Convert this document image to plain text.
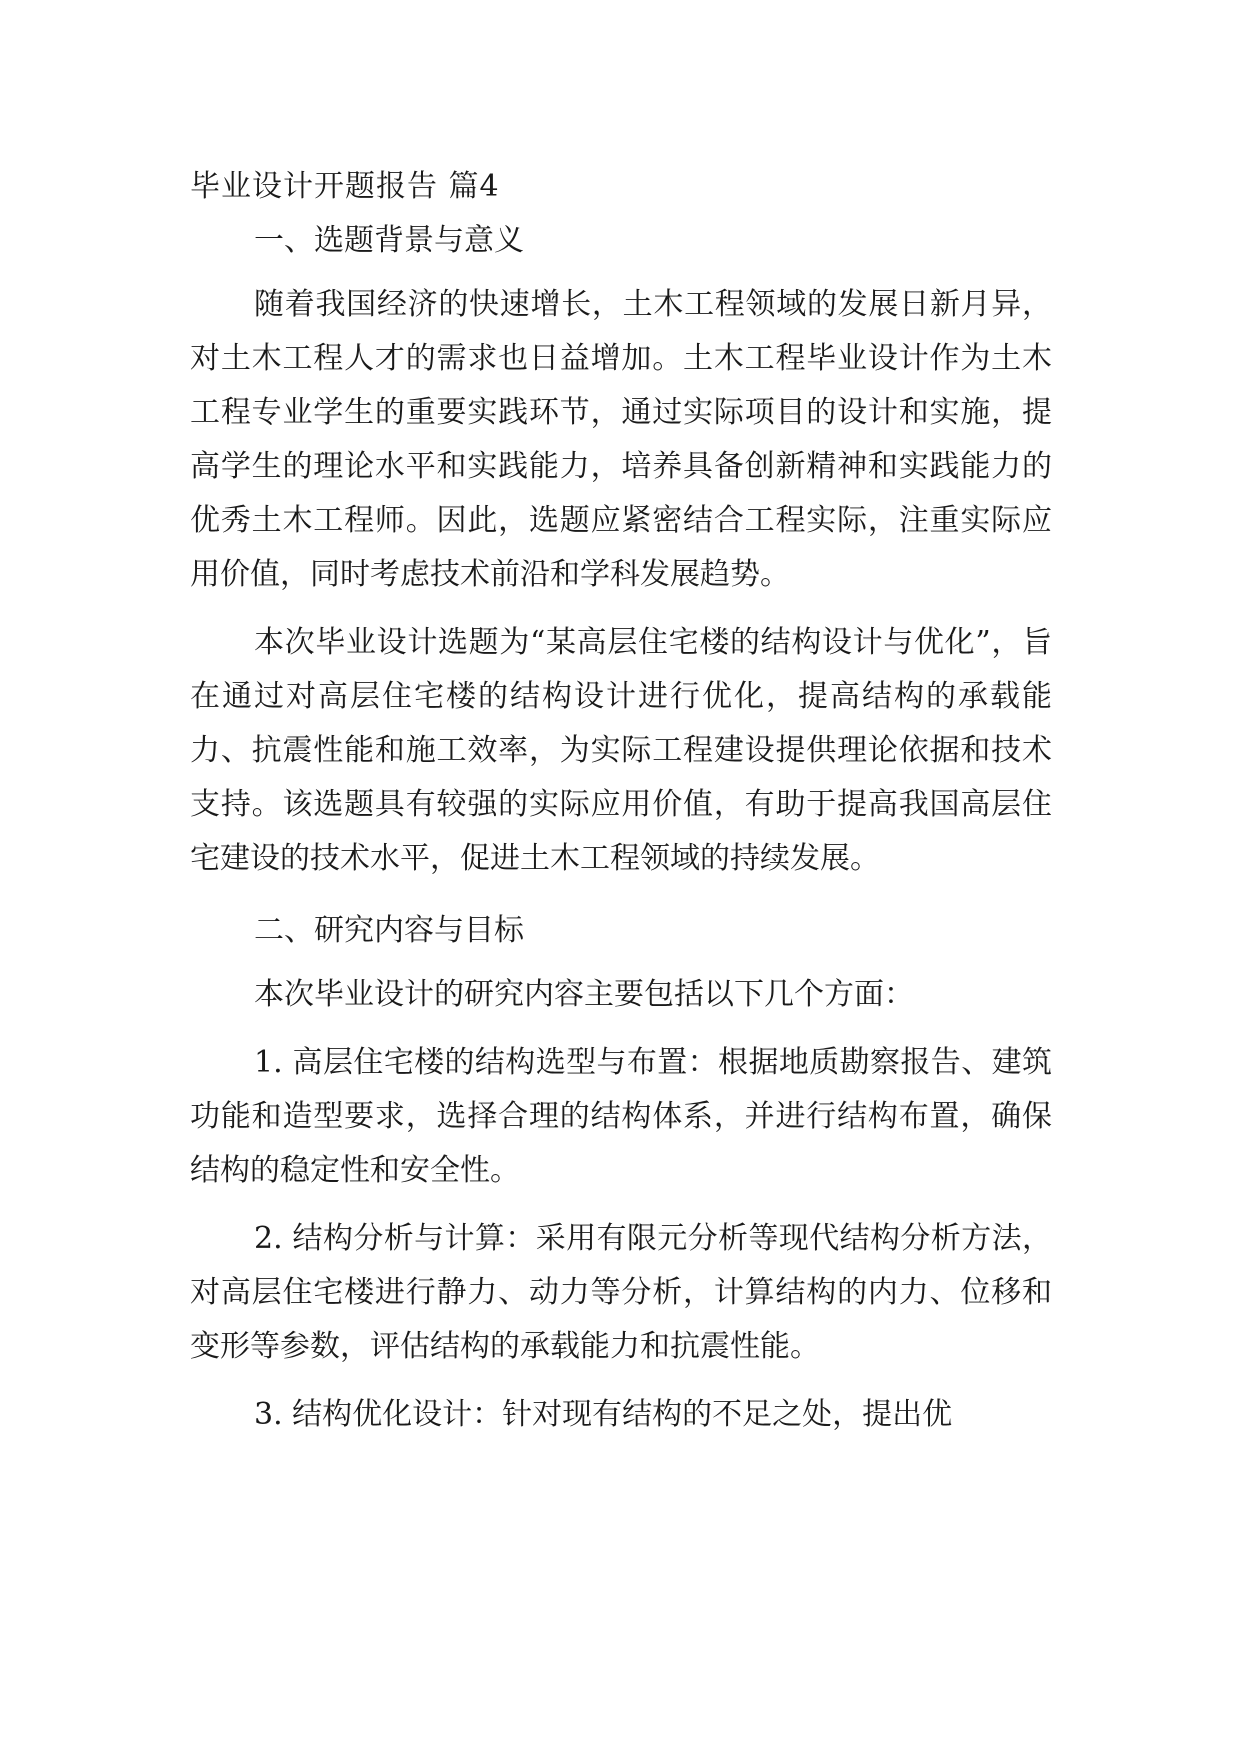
毕业设计开题报告 篇4
一、选题背景与意义

随着我国经济的快速增长，土木工程领域的发展日新月异，对土木工程人才的需求也日益增加。土木工程毕业设计作为土木工程专业学生的重要实践环节，通过实际项目的设计和实施，提高学生的理论水平和实践能力，培养具备创新精神和实践能力的优秀土木工程师。因此，选题应紧密结合工程实际，注重实际应用价值，同时考虑技术前沿和学科发展趋势。

本次毕业设计选题为“某高层住宅楼的结构设计与优化”，旨在通过对高层住宅楼的结构设计进行优化，提高结构的承载能力、抗震性能和施工效率，为实际工程建设提供理论依据和技术支持。该选题具有较强的实际应用价值，有助于提高我国高层住宅建设的技术水平，促进土木工程领域的持续发展。

二、研究内容与目标

本次毕业设计的研究内容主要包括以下几个方面：

1. 高层住宅楼的结构选型与布置：根据地质勘察报告、建筑功能和造型要求，选择合理的结构体系，并进行结构布置，确保结构的稳定性和安全性。

2. 结构分析与计算：采用有限元分析等现代结构分析方法，对高层住宅楼进行静力、动力等分析，计算结构的内力、位移和变形等参数，评估结构的承载能力和抗震性能。

3. 结构优化设计：针对现有结构的不足之处，提出优
